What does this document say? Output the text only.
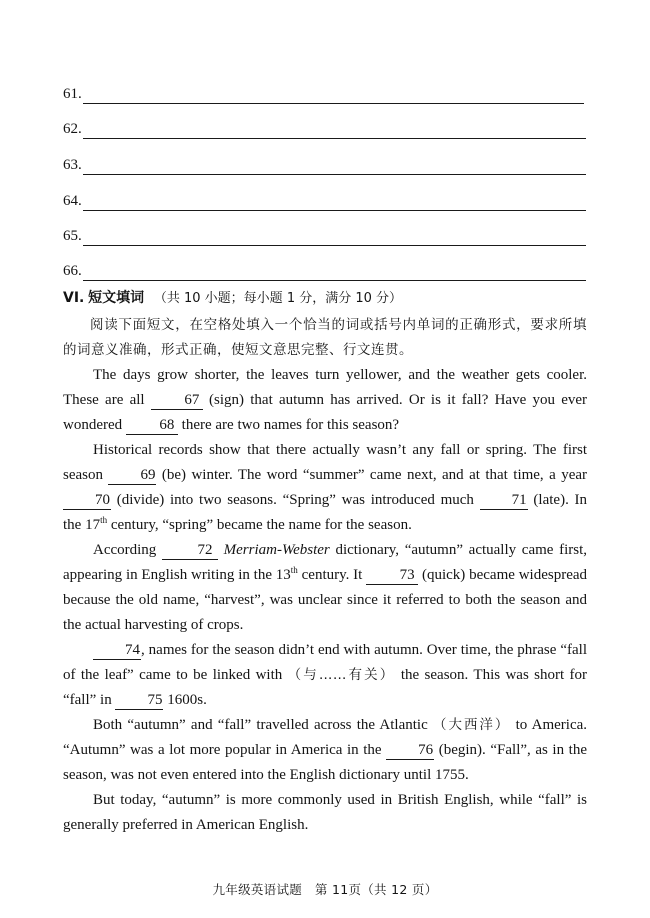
61.
62.
63.
64.
65.
66.
VI. 短文填词 （共 10 小题；每小题 1 分，满分 10 分）

阅读下面短文，在空格处填入一个恰当的词或括号内单词的正确形式，要求所填的词意义准确，形式正确，使短文意思完整、行文连贯。

The days grow shorter, the leaves turn yellower, and the weather gets cooler. These are all	67 (sign) that autumn has arrived. Or is it fall? Have you ever wondered 68 there are two names for this season?

Historical records show that there actually wasn’t any fall or spring. The first season 69 (be) winter. The word “summer” came next, and at that time, a year 70 (divide) into two seasons. “Spring” was introduced much	71 (late). In the 17th century, “spring” became the name for the season.

According	72 Merriam-Webster dictionary, “autumn” actually came first, appearing in English writing in the 13th century. It 73 (quick) became widespread because the old name, “harvest”, was unclear since it referred to both the season and the actual harvesting of crops.

74, names for the season didn’t end with autumn. Over time, the phrase “fall of the leaf” came to be linked with （与……有关） the season. This was short for “fall” in 75 1600s.

Both “autumn” and “fall” travelled across the Atlantic （大西洋） to America. “Autumn” was a lot more popular in America in the 76 (begin). “Fall”, as in the season, was not even entered into the English dictionary until 1755.

But today, “autumn” is more commonly used in British English, while “fall” is generally preferred in American English.

九年级英语试题　第 11页（共 12 页）
